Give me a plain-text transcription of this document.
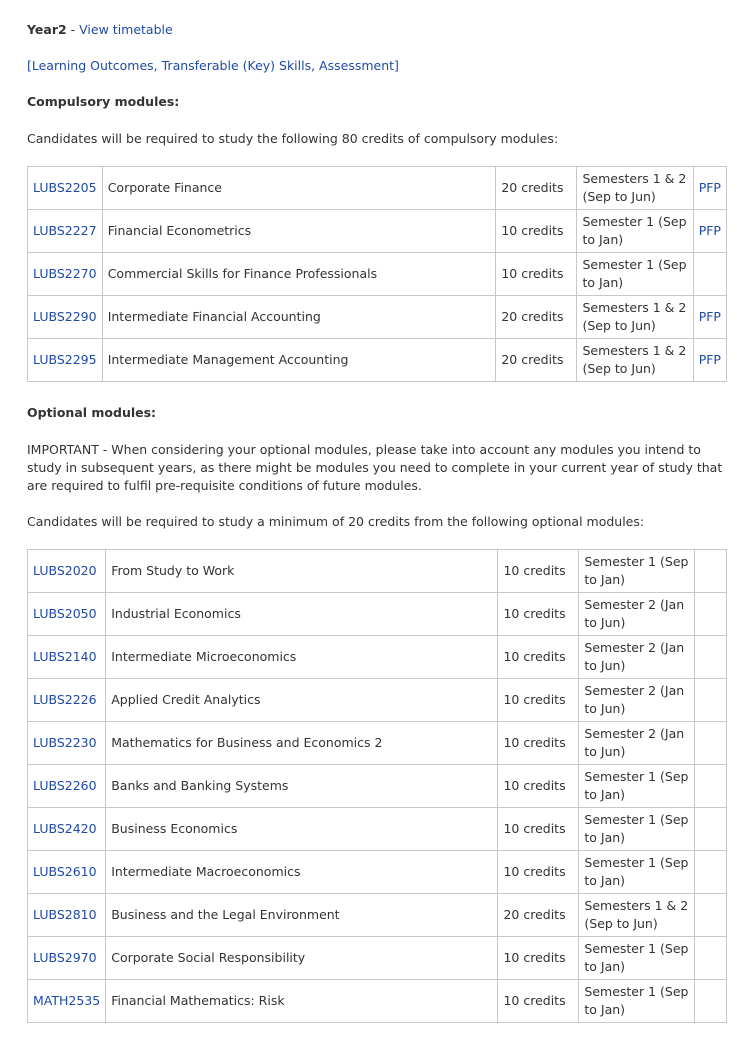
Year2 - View timetable
[Learning Outcomes, Transferable (Key) Skills, Assessment]
Compulsory modules:
Candidates will be required to study the following 80 credits of compulsory modules:
LUBS2205	Corporate Finance	20 credits	Semesters 1 & 2 (Sep to Jun)	PFP
LUBS2227	Financial Econometrics	10 credits	Semester 1 (Sep to Jan)	PFP
LUBS2270	Commercial Skills for Finance Professionals	10 credits	Semester 1 (Sep to Jan)	
LUBS2290	Intermediate Financial Accounting	20 credits	Semesters 1 & 2 (Sep to Jun)	PFP
LUBS2295	Intermediate Management Accounting	20 credits	Semesters 1 & 2 (Sep to Jun)	PFP
Optional modules:
IMPORTANT - When considering your optional modules, please take into account any modules you intend to study in subsequent years, as there might be modules you need to complete in your current year of study that are required to fulfil pre-requisite conditions of future modules.
Candidates will be required to study a minimum of 20 credits from the following optional modules:
LUBS2020	From Study to Work	10 credits	Semester 1 (Sep to Jan)	
LUBS2050	Industrial Economics	10 credits	Semester 2 (Jan to Jun)	
LUBS2140	Intermediate Microeconomics	10 credits	Semester 2 (Jan to Jun)	
LUBS2226	Applied Credit Analytics	10 credits	Semester 2 (Jan to Jun)	
LUBS2230	Mathematics for Business and Economics 2	10 credits	Semester 2 (Jan to Jun)	
LUBS2260	Banks and Banking Systems	10 credits	Semester 1 (Sep to Jan)	
LUBS2420	Business Economics	10 credits	Semester 1 (Sep to Jan)	
LUBS2610	Intermediate Macroeconomics	10 credits	Semester 1 (Sep to Jan)	
LUBS2810	Business and the Legal Environment	20 credits	Semesters 1 & 2 (Sep to Jun)	
LUBS2970	Corporate Social Responsibility	10 credits	Semester 1 (Sep to Jan)	
MATH2535	Financial Mathematics: Risk	10 credits	Semester 1 (Sep to Jan)	
